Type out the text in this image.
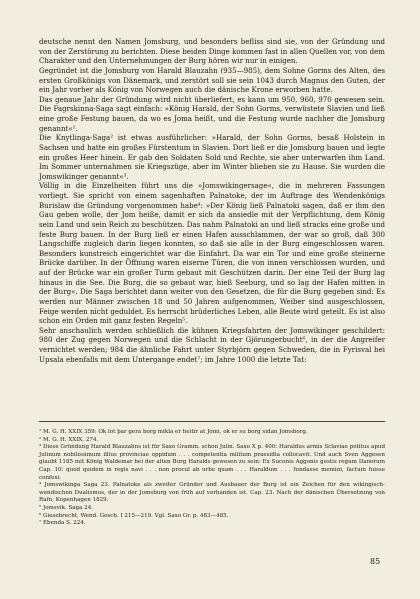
deutsche nennt den Namen Jomsburg, und besonders befliss sind sie, von der Gründung und von der Zerstörung zu berichten. Diese beiden Dinge kommen fast in allen Quellen vor, von dem Charakter und den Unternehmungen der Burg hören wir nur in einigen.

Gegründet ist die Jomsburg von Harald Blauzahn (935—985), dem Sohne Gorms des Alten, des ersten Großkönigs von Dänemark, und zerstört soll sie sein 1043 durch Magnus den Guten, der ein Jahr vorher als König von Norwegen auch die dänische Krone erworben hatte.

Das genaue Jahr der Gründung wird nicht überliefert, es kann um 950, 960, 970 gewesen sein. Die Fagrskinna-Saga sagt einfach: »König Harald, der Sohn Gorms, verwüstete Slavien und ließ eine große Festung bauen, da wo es Joma heißt, und die Festung wurde nachher die Jomsburg genannt«¹.

Die Knytlinga-Saga² ist etwas ausführlicher: »Harald, der Sohn Gorms, besaß Holstein in Sachsen und hatte ein großes Fürstentum in Slavien. Dort ließ er die Jomsburg bauen und legte ein großes Heer hinein. Er gab den Soldaten Sold und Rechte, sie aber unterwarfen ihm Land. Im Sommer unternahmen sie Kriegszüge, aber im Winter blieben sie zu Hause. Sie wurden die Jomswikinger genannt«³.

Völlig in die Einzelheiten führt uns die »Jomswikingersage«, die in mehreren Fassungen vorliegt. Sie spricht von einem sagenhaften Palnatoke, der im Auftrage des Wendenkönigs Burislaw die Gründung vorgenommen habe⁴: »Der König ließ Palnatoki sagen, daß er ihm den Gau geben wolle, der Jom heiße, damit er sich da ansiedle mit der Verpflichtung, dem König sein Land und sein Reich zu beschützen. Das nahm Palnatoki an und ließ stracks eine große und feste Burg bauen. In der Burg ließ er einen Hafen ausschlammen, der war so groß, daß 300 Langschiffe zugleich darin liegen konnten, so daß sie alle in der Burg eingeschlossen waren. Besonders kunstreich eingerichtet war die Einfahrt. Da war ein Tor und eine große steinerne Brücke darüber. In der Öffnung waren eiserne Türen, die von innen verschlossen wurden, und auf der Brücke war ein großer Turm gebaut mit Geschützen darin. Der eine Teil der Burg lag hinaus in die See. Die Burg, die so gebaut war, hieß Seeburg, und so lag der Hafen mitten in der Burg«. Die Saga berichtet dann weiter von den Gesetzen, die für die Burg gegeben sind: Es werden nur Männer zwischen 18 und 50 Jahren aufgenommen, Weiber sind ausgeschlossen, Feige werden nicht geduldet. Es herrscht brüderliches Leben, alle Beute wird geteilt. Es ist also schon ein Orden mit ganz festen Regeln⁵.

Sehr anschaulich werden schließlich die kühnen Kriegsfahrten der Jomswikinger geschildert: 980 der Zug gegen Norwegen und die Schlacht in der Gjörungerbucht⁶, in der die Angreifer vernichtet werden; 984 die ähnliche Fahrt unter Styrbjörn gegen Schweden, die in Fyrisval bei Upsala ebenfalls mit dem Untergange endet⁷; im Jahre 1000 die letzte Tat:

¹ M. G. H. XXIX 359: Ok lot þar gera borg mikla er heitir at Jomi, ok er su borg sidan Jomsborg.

² M. G. H. XXIX, 274.

³ Diese Gründung Harald Blauzahns ist für Saxo Gramm. schon Julin. Saxo X p. 400: Haraldus armis Sclaviae potitus apud Julinum nobilissimum illius provinciae oppidum . . . competentia militum praesidia collocavit. Und auch Sven Aggesen glaubt 1185 mit König Waldemar bei der alten Burg Haralds gewesen zu sein: Ex Suconis Aggonis gestis regum Danorum Cap. 10: quod quidem in regis navi . . . non procul ab urbe quam . . . Haraldum . . . fundasse memini, factum fuisse confexi.

⁴ Jomswikinga Saga 23. Palnatoke als zweiter Gründer und Ausbauer der Burg ist ein Zeichen für den wikingisch-wendischen Dualismus, der in der Jomsburg von früh auf vorhanden ist. Cap. 23. Nach der dänischen Übersetzung von Rafn, Kopenhagen 1829.

⁵ Jomsvik. Saga 24.

⁶ Giesebrecht, Wend. Gesch. I 215—219. Vgl. Saxo Gr. p. 483—485.

⁷ Ebenda S. 224.

85
